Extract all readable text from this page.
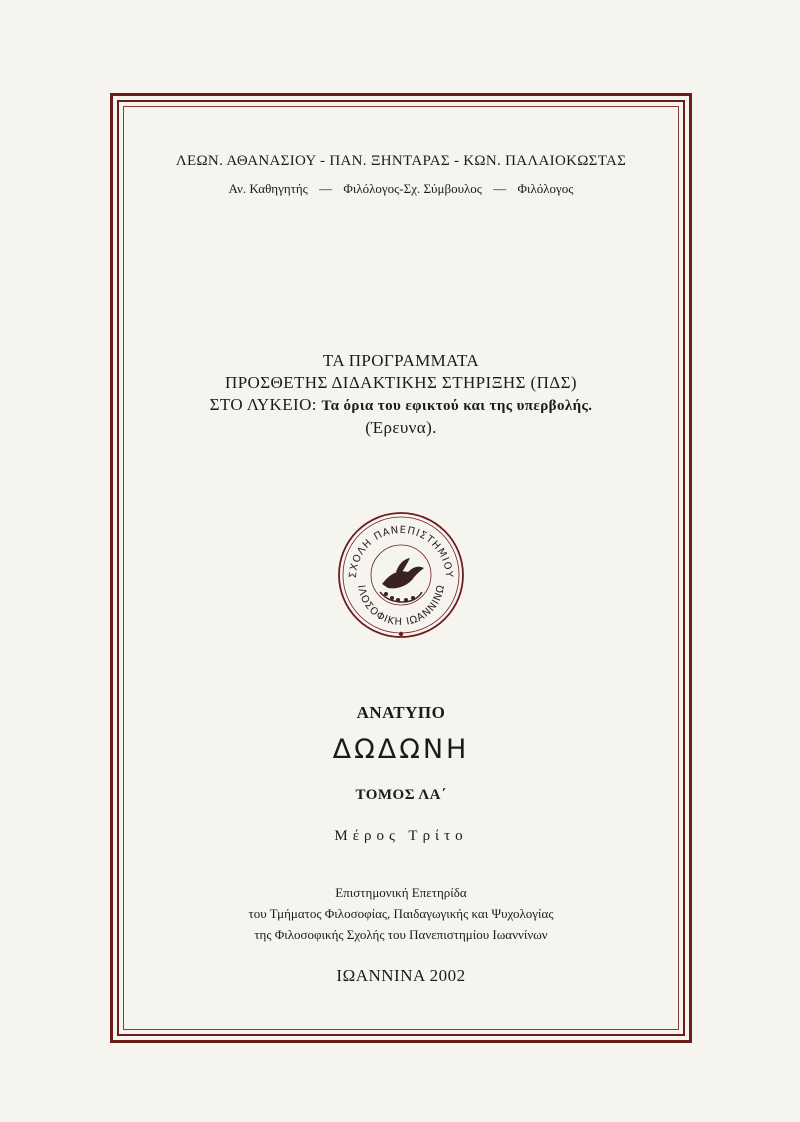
ΛΕΩΝ. ΑΘΑΝΑΣΙΟΥ - ΠΑΝ. ΞΗΝΤΑΡΑΣ - ΚΩΝ. ΠΑΛΑΙΟΚΩΣΤΑΣ
Αν. Καθηγητής — Φιλόλογος-Σχ. Σύμβουλος — Φιλόλογος
ΤΑ ΠΡΟΓΡΑΜΜΑΤΑ
ΠΡΟΣΘΕΤΗΣ ΔΙΔΑΚΤΙΚΗΣ ΣΤΗΡΙΞΗΣ (ΠΔΣ)
ΣΤΟ ΛΥΚΕΙΟ: Τα όρια του εφικτού και της υπερβολής.
(Έρευνα).
ΣΧΟΛΗ ΠΑΝΕΠΙΣΤΗΜΙΟΥ
ΙΛΟΣΟΦΙΚΗ ΙΩΑΝΝΙΝΩ
ΑΝΑΤΥΠΟ
ΔΩΔΩΝΗ
ΤΟΜΟΣ ΛΑ΄
Μέρος Τρίτο
Επιστημονική Επετηρίδα
του Τμήματος Φιλοσοφίας, Παιδαγωγικής και Ψυχολογίας
της Φιλοσοφικής Σχολής του Πανεπιστημίου Ιωαννίνων
ΙΩΑΝΝΙΝΑ 2002
